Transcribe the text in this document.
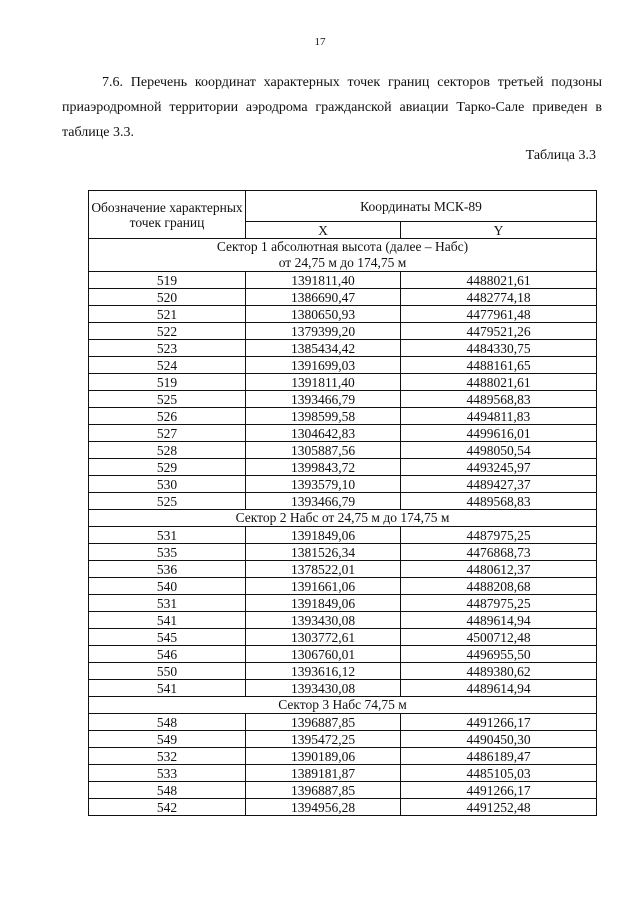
17
7.6. Перечень координат характерных точек границ секторов третьей подзоны
приаэродромной территории аэродрома гражданской авиации Тарко-Сале приведен в
таблице 3.3.
Таблица 3.3
Обозначение характерных точек границ	Координаты МСК-89	
	X	Y

Сектор 1 абсолютная высота (далее – Набс)
от 24,75 м до 174,75 м		

519	1391811,40	4488021,61
520	1386690,47	4482774,18
521	1380650,93	4477961,48
522	1379399,20	4479521,26
523	1385434,42	4484330,75
524	1391699,03	4488161,65
519	1391811,40	4488021,61
525	1393466,79	4489568,83
526	1398599,58	4494811,83
527	1304642,83	4499616,01
528	1305887,56	4498050,54
529	1399843,72	4493245,97
530	1393579,10	4489427,37
525	1393466,79	4489568,83

Сектор 2 Набс от 24,75 м до 174,75 м		

531	1391849,06	4487975,25
535	1381526,34	4476868,73
536	1378522,01	4480612,37
540	1391661,06	4488208,68
531	1391849,06	4487975,25
541	1393430,08	4489614,94
545	1303772,61	4500712,48
546	1306760,01	4496955,50
550	1393616,12	4489380,62
541	1393430,08	4489614,94

Сектор 3 Набс 74,75 м		

548	1396887,85	4491266,17
549	1395472,25	4490450,30
532	1390189,06	4486189,47
533	1389181,87	4485105,03
548	1396887,85	4491266,17
542	1394956,28	4491252,48
